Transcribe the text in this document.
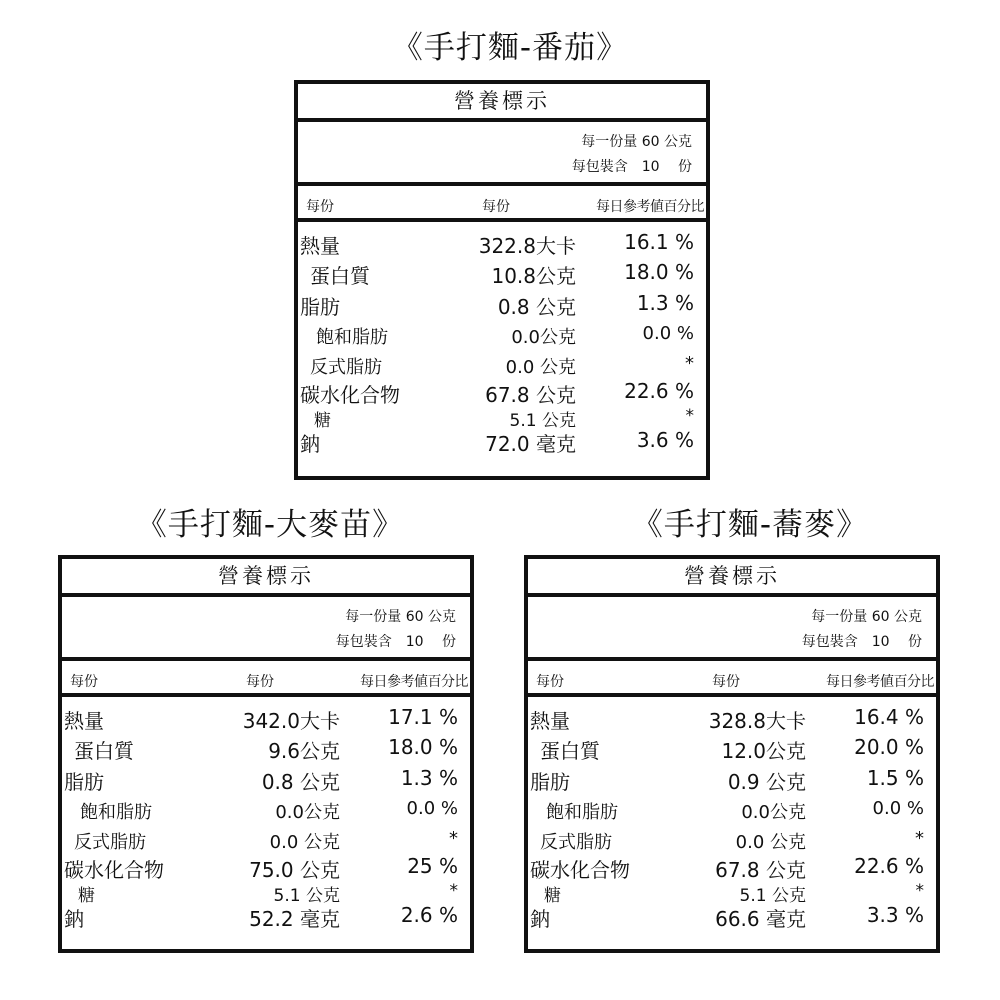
《手打麵-番茄》
營養標示
每一份量 60 公克
每包裝含　10　 份
每份	每份	每日參考値百分比
熱量	322.8大卡 16.1 %
蛋白質	10.8公克 18.0 %
脂肪	0.8 公克	1.3 %
飽和脂肪	0.0公克	0.0 %
反式脂肪	0.0 公克	*
碳水化合物	67.8 公克 22.6 %
糖	5.1 公克	*
鈉	72.0 毫克	3.6 %
《手打麵-大麥苗》
營養標示
每一份量 60 公克
每包裝含　10　 份
每份	每份	每日參考値百分比
熱量	342.0大卡 17.1 %
蛋白質	9.6公克 18.0 %
脂肪	0.8 公克	1.3 %
飽和脂肪	0.0公克	0.0 %
反式脂肪	0.0 公克	*
碳水化合物	75.0 公克	25 %
糖	5.1 公克	*
鈉	52.2 毫克	2.6 %
《手打麵-蕎麥》
營養標示
每一份量 60 公克
每包裝含　10　 份
每份	每份	每日參考値百分比
熱量	328.8大卡 16.4 %
蛋白質	12.0公克 20.0 %
脂肪	0.9 公克	1.5 %
飽和脂肪	0.0公克	0.0 %
反式脂肪	0.0 公克	*
碳水化合物	67.8 公克 22.6 %
糖	5.1 公克	*
鈉	66.6 毫克	3.3 %
